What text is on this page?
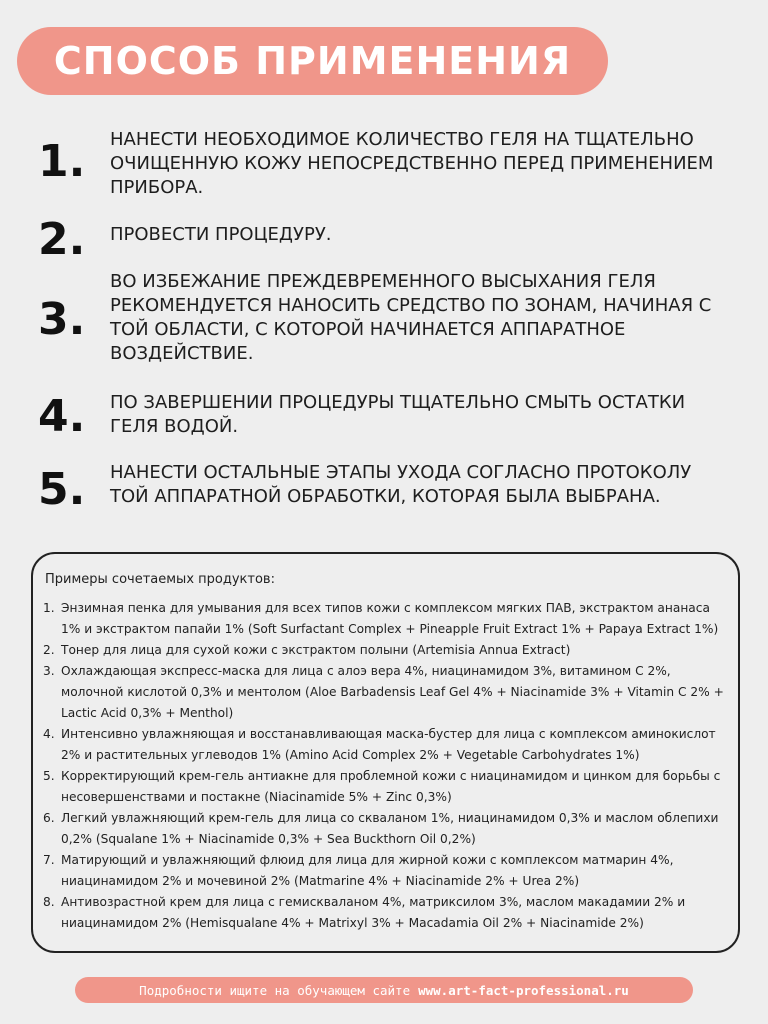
СПОСОБ ПРИМЕНЕНИЯ
1.	НАНЕСТИ НЕОБХОДИМОЕ КОЛИЧЕСТВО ГЕЛЯ НА ТЩАТЕЛЬНО ОЧИЩЕННУЮ КОЖУ НЕПОСРЕДСТВЕННО ПЕРЕД ПРИМЕНЕНИЕМ ПРИБОРА.
2.	ПРОВЕСТИ ПРОЦЕДУРУ.
3.
ВО ИЗБЕЖАНИЕ ПРЕЖДЕВРЕМЕННОГО ВЫСЫХАНИЯ ГЕЛЯ РЕКОМЕНДУЕТСЯ НАНОСИТЬ СРЕДСТВО ПО ЗОНАМ, НАЧИНАЯ С ТОЙ ОБЛАСТИ, С КОТОРОЙ НАЧИНАЕТСЯ АППАРАТНОЕ ВОЗДЕЙСТВИЕ.
4.	ПО ЗАВЕРШЕНИИ ПРОЦЕДУРЫ ТЩАТЕЛЬНО СМЫТЬ ОСТАТКИ ГЕЛЯ ВОДОЙ.
5.	НАНЕСТИ ОСТАЛЬНЫЕ ЭТАПЫ УХОДА СОГЛАСНО ПРОТОКОЛУ ТОЙ АППАРАТНОЙ ОБРАБОТКИ, КОТОРАЯ БЫЛА ВЫБРАНА.
Примеры сочетаемых продуктов:
1. Энзимная пенка для умывания для всех типов кожи с комплексом мягких ПАВ, экстрактом ананаса 1% и экстрактом папайи 1% (Soft Surfactant Complex + Pineapple Fruit Extract 1% + Papaya Extract 1%)
2. Тонер для лица для сухой кожи с экстрактом полыни (Artemisia Annua Extract)
3. Охлаждающая экспресс-маска для лица с алоэ вера 4%, ниацинамидом 3%, витамином С 2%, молочной кислотой 0,3% и ментолом (Aloe Barbadensis Leaf Gel 4% + Niacinamide 3% + Vitamin C 2% + Lactic Acid 0,3% + Menthol)
4. Интенсивно увлажняющая и восстанавливающая маска-бустер для лица с комплексом аминокислот 2% и растительных углеводов 1% (Amino Acid Complex 2% + Vegetable Carbohydrates 1%)
5. Корректирующий крем-гель антиакне для проблемной кожи с ниацинамидом и цинком для борьбы с несовершенствами и постакне (Niacinamide 5% + Zinc 0,3%)
6. Легкий увлажняющий крем-гель для лица со скваланом 1%, ниацинамидом 0,3% и маслом облепихи 0,2% (Squalane 1% + Niacinamide 0,3% + Sea Buckthorn Oil 0,2%)
7. Матирующий и увлажняющий флюид для лица для жирной кожи с комплексом матмарин 4%, ниацинамидом 2% и мочевиной 2% (Matmarine 4% + Niacinamide 2% + Urea 2%)
8. Антивозрастной крем для лица с гемискваланом 4%, матриксилом 3%, маслом макадамии 2% и ниацинамидом 2% (Hemisqualane 4% + Matrixyl 3% + Macadamia Oil 2% + Niacinamide 2%)
Подробности ищите на обучающем сайте www.art-fact-professional.ru
